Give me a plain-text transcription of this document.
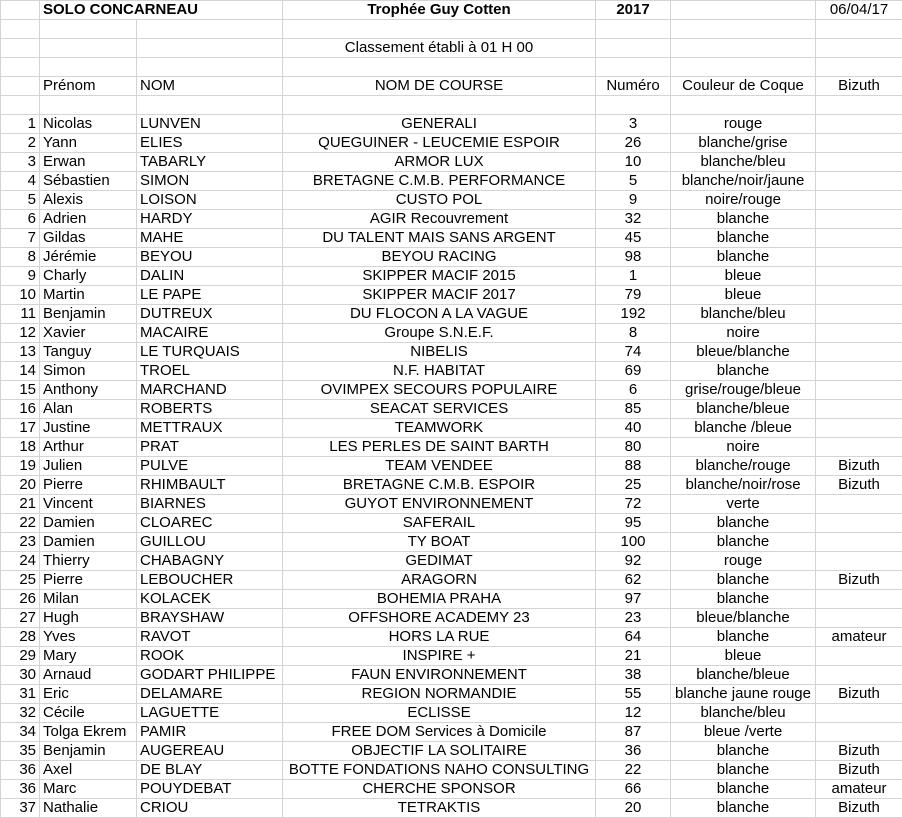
	SOLO CONCARNEAU		Trophée Guy Cotten	2017		06/04/17

			Classement établi à 01 H 00			

	Prénom	NOM	NOM DE COURSE	Numéro	Couleur de Coque	Bizuth

1	Nicolas	LUNVEN	GENERALI	3	rouge	
2	Yann	ELIES	QUEGUINER - LEUCEMIE ESPOIR	26	blanche/grise	
3	Erwan	TABARLY	ARMOR LUX	10	blanche/bleu	
4	Sébastien	SIMON	BRETAGNE C.M.B. PERFORMANCE	5	blanche/noir/jaune	
5	Alexis	LOISON	CUSTO POL	9	noire/rouge	
6	Adrien	HARDY	AGIR Recouvrement	32	blanche	
7	Gildas	MAHE	DU TALENT MAIS SANS ARGENT	45	blanche	
8	Jérémie	BEYOU	BEYOU RACING	98	blanche	
9	Charly	DALIN	SKIPPER MACIF 2015	1	bleue	
10	Martin	LE PAPE	SKIPPER MACIF 2017	79	bleue	
11	Benjamin	DUTREUX	DU FLOCON A LA VAGUE	192	blanche/bleu	
12	Xavier	MACAIRE	Groupe S.N.E.F.	8	noire	
13	Tanguy	LE TURQUAIS	NIBELIS	74	bleue/blanche	
14	Simon	TROEL	N.F. HABITAT	69	blanche	
15	Anthony	MARCHAND	OVIMPEX SECOURS POPULAIRE	6	grise/rouge/bleue	
16	Alan	ROBERTS	SEACAT SERVICES	85	blanche/bleue	
17	Justine	METTRAUX	TEAMWORK	40	blanche /bleue	
18	Arthur	PRAT	LES PERLES DE SAINT BARTH	80	noire	
19	Julien	PULVE	TEAM VENDEE	88	blanche/rouge	Bizuth
20	Pierre	RHIMBAULT	BRETAGNE C.M.B. ESPOIR	25	blanche/noir/rose	Bizuth
21	Vincent	BIARNES	GUYOT ENVIRONNEMENT	72	verte	
22	Damien	CLOAREC	SAFERAIL	95	blanche	
23	Damien	GUILLOU	TY BOAT	100	blanche	
24	Thierry	CHABAGNY	GEDIMAT	92	rouge	
25	Pierre	LEBOUCHER	ARAGORN	62	blanche	Bizuth
26	Milan	KOLACEK	BOHEMIA PRAHA	97	blanche	
27	Hugh	BRAYSHAW	OFFSHORE ACADEMY 23	23	bleue/blanche	
28	Yves	RAVOT	HORS LA RUE	64	blanche	amateur
29	Mary	ROOK	INSPIRE +	21	bleue	
30	Arnaud	GODART PHILIPPE	FAUN ENVIRONNEMENT	38	blanche/bleue	
31	Eric	DELAMARE	REGION NORMANDIE	55	blanche jaune rouge	Bizuth
32	Cécile	LAGUETTE	ECLISSE	12	blanche/bleu	
34	Tolga Ekrem	PAMIR	FREE DOM Services à Domicile	87	bleue /verte	
35	Benjamin	AUGEREAU	OBJECTIF LA SOLITAIRE	36	blanche	Bizuth
36	Axel	DE BLAY	BOTTE FONDATIONS NAHO CONSULTING	22	blanche	Bizuth
36	Marc	POUYDEBAT	CHERCHE SPONSOR	66	blanche	amateur
37	Nathalie	CRIOU	TETRAKTIS	20	blanche	Bizuth
